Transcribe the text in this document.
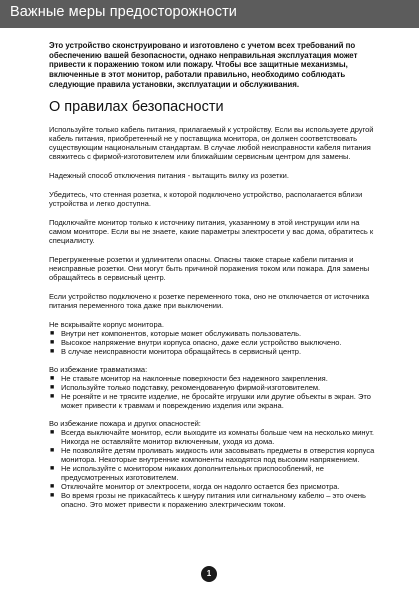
Важные меры предосторожности
Это устройство сконструировано и изготовлено с учетом всех требований по обеспечению вашей безопасности, однако неправильная эксплуатация может привести к поражению током или пожару. Чтобы все защитные механизмы, включенные в этот монитор, работали правильно, необходимо соблюдать следующие правила установки, эксплуатации и обслуживания.
О правилах безопасности

Используйте только кабель питания, прилагаемый к устройству. Если вы используете другой кабель питания, приобретенный не у поставщика монитора, он должен соответствовать существующим национальным стандартам. В случае любой неисправности кабеля питания свяжитесь с фирмой-изготовителем или ближайшим сервисным центром для замены.

Надежный способ отключения питания - вытащить вилку из розетки.

Убедитесь, что стенная розетка, к которой подключено устройство, располагается вблизи устройства и легко доступна.

Подключайте монитор только к источнику питания, указанному в этой инструкции или на самом мониторе. Если вы не знаете, какие параметры электросети у вас дома, обратитесь к специалисту.

Перегруженные розетки и удлинители опасны. Опасны также старые кабели питания и неисправные розетки. Они могут быть причиной поражения током или пожара. Для замены обращайтесь в сервисный центр.

Если устройство подключено к розетке переменного тока, оно не отключается от источника питания переменного тока даже при выключении.

Не вскрывайте корпус монитора.

■ Внутри нет компонентов, которые может обслуживать пользователь.
■ Высокое напряжение внутри корпуса опасно, даже если устройство выключено.
■ В случае неисправности монитора обращайтесь в сервисный центр.

Во избежание травматизма:

■ Не ставьте монитор на наклонные поверхности без надежного закрепления.
■ Используйте только подставку, рекомендованную фирмой-изготовителем.
■ Не роняйте и не трясите изделие, не бросайте игрушки или другие объекты в экран. Это может привести к травмам и повреждению изделия или экрана.

Во избежание пожара и других опасностей:

■ Всегда выключайте монитор, если выходите из комнаты больше чем на несколько минут. Никогда не оставляйте монитор включенным, уходя из дома.
■ Не позволяйте детям проливать жидкость или засовывать предметы в отверстия корпуса монитора. Некоторые внутренние компоненты находятся под высоким напряжением.
■ Не используйте с монитором никаких дополнительных приспособлений, не предусмотренных изготовителем.
■ Отключайте монитор от электросети, когда он надолго остается без присмотра.
■ Во время грозы не прикасайтесь к шнуру питания или сигнальному кабелю – это очень опасно. Это может привести к поражению электрическим током.
1
